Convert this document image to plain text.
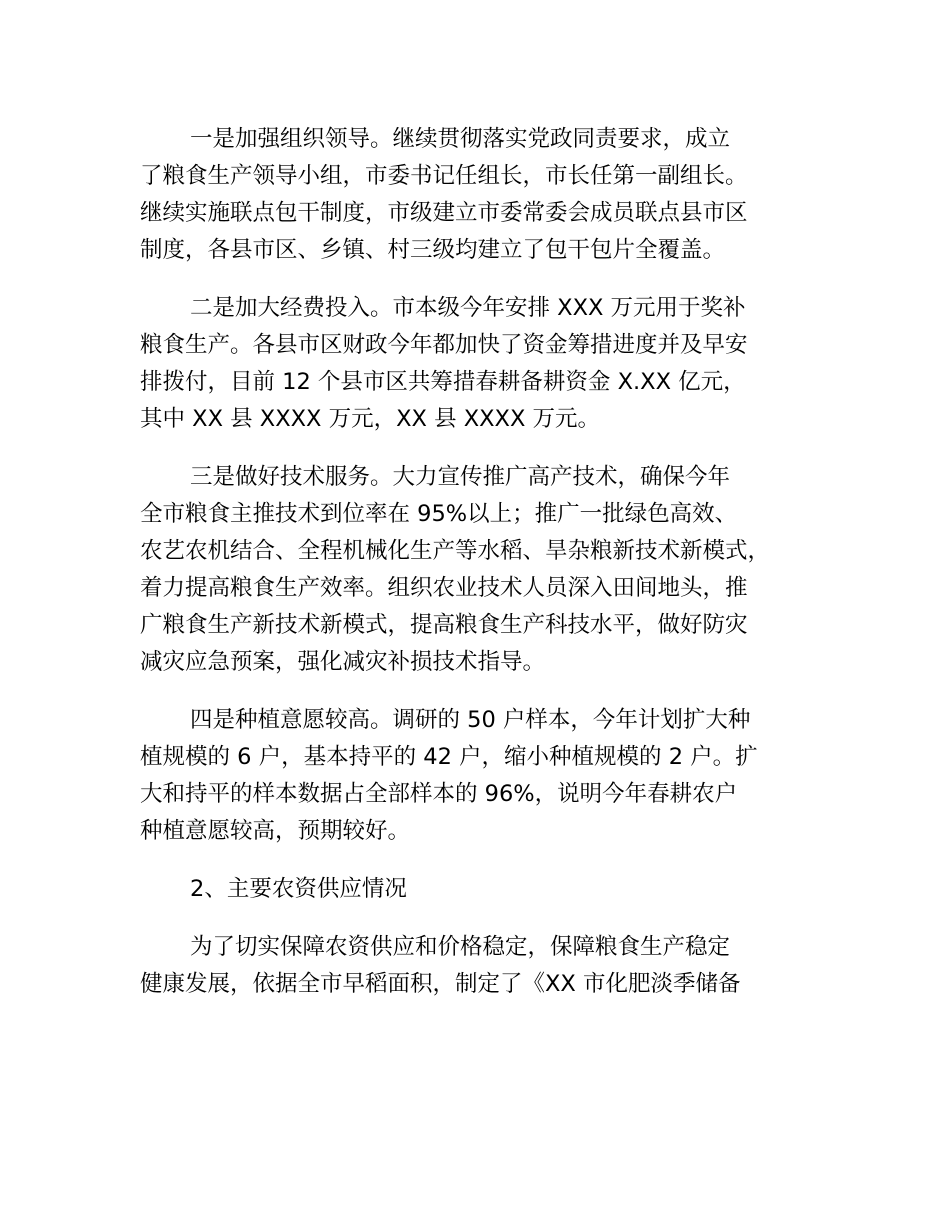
一是加强组织领导。继续贯彻落实党政同责要求，成立
了粮食生产领导小组，市委书记任组长，市长任第一副组长。
继续实施联点包干制度，市级建立市委常委会成员联点县市区
制度，各县市区、乡镇、村三级均建立了包干包片全覆盖。
二是加大经费投入。市本级今年安排 XXX 万元用于奖补
粮食生产。各县市区财政今年都加快了资金筹措进度并及早安
排拨付，目前 12 个县市区共筹措春耕备耕资金 X.XX 亿元，
其中 XX 县 XXXX 万元，XX 县 XXXX 万元。
三是做好技术服务。大力宣传推广高产技术，确保今年
全市粮食主推技术到位率在 95%以上；推广一批绿色高效、
农艺农机结合、全程机械化生产等水稻、旱杂粮新技术新模式，
着力提高粮食生产效率。组织农业技术人员深入田间地头，推
广粮食生产新技术新模式，提高粮食生产科技水平，做好防灾
减灾应急预案，强化减灾补损技术指导。
四是种植意愿较高。调研的 50 户样本，今年计划扩大种
植规模的 6 户，基本持平的 42 户，缩小种植规模的 2 户。扩
大和持平的样本数据占全部样本的 96%，说明今年春耕农户
种植意愿较高，预期较好。
2、主要农资供应情况
为了切实保障农资供应和价格稳定，保障粮食生产稳定
健康发展，依据全市早稻面积，制定了《XX 市化肥淡季储备
